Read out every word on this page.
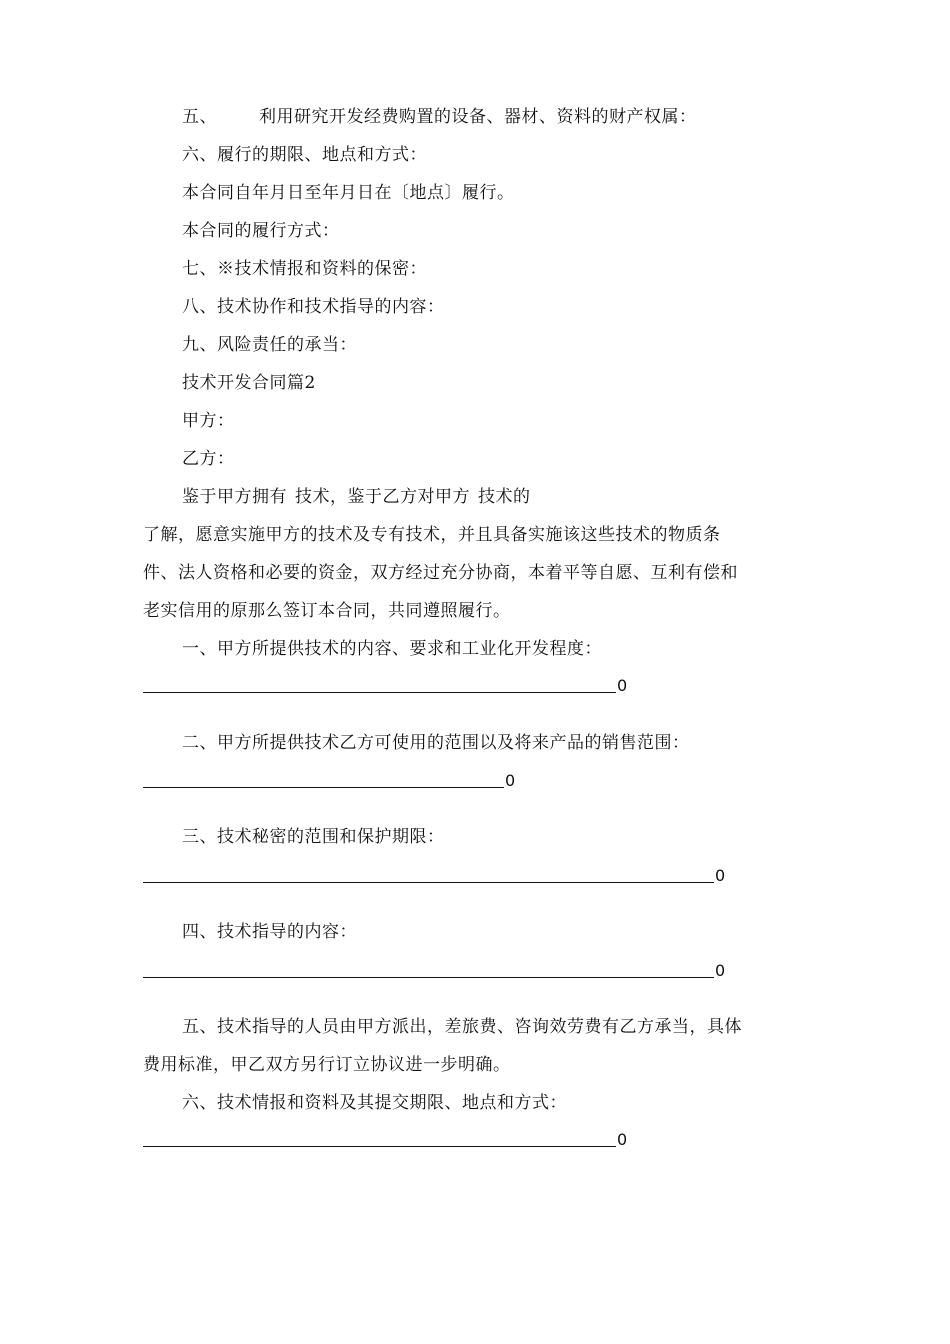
五、 利用研究开发经费购置的设备、器材、资料的财产权属：
六、履行的期限、地点和方式：
本合同自年月日至年月日在〔地点〕履行。
本合同的履行方式：
七、※技术情报和资料的保密：
八、技术协作和技术指导的内容：
九、风险责任的承当：
技术开发合同篇2
甲方：
乙方：
鉴于甲方拥有 技术，鉴于乙方对甲方 技术的
了解，愿意实施甲方的技术及专有技术，并且具备实施该这些技术的物质条
件、法人资格和必要的资金，双方经过充分协商，本着平等自愿、互利有偿和
老实信用的原那么签订本合同，共同遵照履行。
一、甲方所提供技术的内容、要求和工业化开发程度：
0
二、甲方所提供技术乙方可使用的范围以及将来产品的销售范围：
0
三、技术秘密的范围和保护期限：
0
四、技术指导的内容：
0
五、技术指导的人员由甲方派出，差旅费、咨询效劳费有乙方承当，具体
费用标准，甲乙双方另行订立协议进一步明确。
六、技术情报和资料及其提交期限、地点和方式：
0
